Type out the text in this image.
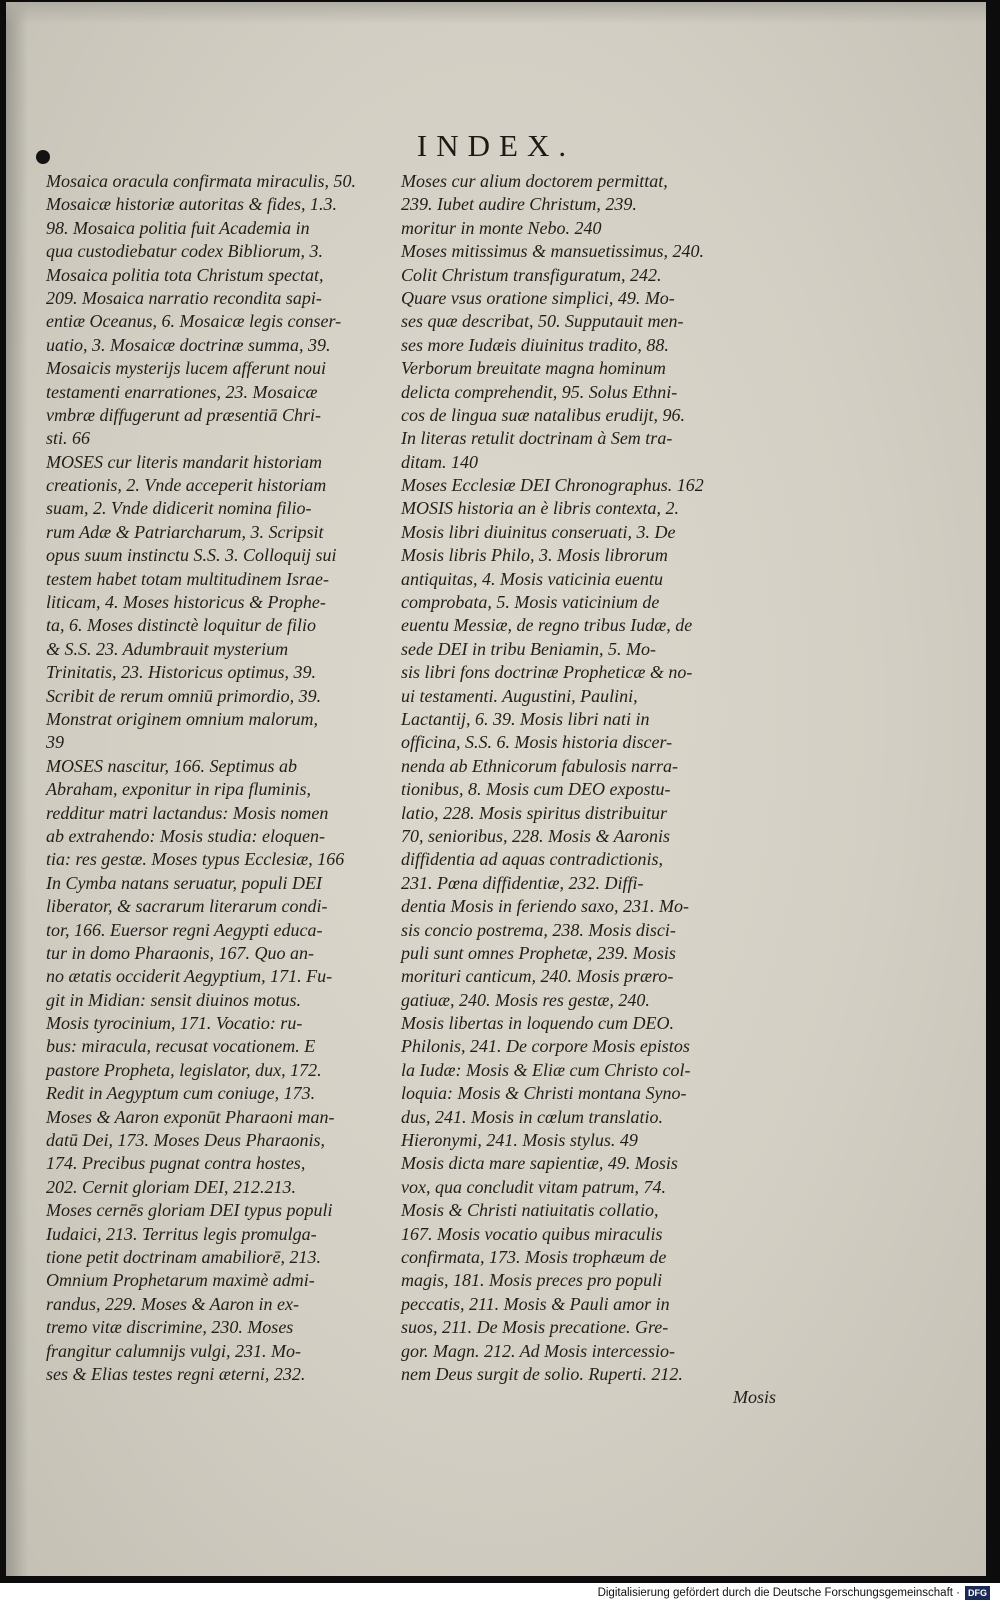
INDEX.
Mosaica oracula confirmata miraculis, 50.
Mosaicæ historiæ autoritas & fides, 1.3.
98. Mosaica politia fuit Academia in
qua custodiebatur codex Bibliorum, 3.
Mosaica politia tota Christum spectat,
209. Mosaica narratio recondita sapi-
entiæ Oceanus, 6. Mosaicæ legis conser-
uatio, 3. Mosaicæ doctrinæ summa, 39.
Mosaicis mysterijs lucem afferunt noui
testamenti enarrationes, 23. Mosaicæ
vmbræ diffugerunt ad præsentiā Chri-
sti. 66
MOSES cur literis mandarit historiam
creationis, 2. Vnde acceperit historiam
suam, 2. Vnde didicerit nomina filio-
rum Adæ & Patriarcharum, 3. Scripsit
opus suum instinctu S.S. 3. Colloquij sui
testem habet totam multitudinem Israe-
liticam, 4. Moses historicus & Prophe-
ta, 6. Moses distinctè loquitur de filio
& S.S. 23. Adumbrauit mysterium
Trinitatis, 23. Historicus optimus, 39.
Scribit de rerum omniū primordio, 39.
Monstrat originem omnium malorum,
39
MOSES nascitur, 166. Septimus ab
Abraham, exponitur in ripa fluminis,
redditur matri lactandus: Mosis nomen
ab extrahendo: Mosis studia: eloquen-
tia: res gestæ. Moses typus Ecclesiæ, 166
In Cymba natans seruatur, populi DEI
liberator, & sacrarum literarum condi-
tor, 166. Euersor regni Aegypti educa-
tur in domo Pharaonis, 167. Quo an-
no ætatis occiderit Aegyptium, 171. Fu-
git in Midian: sensit diuinos motus.
Mosis tyrocinium, 171. Vocatio: ru-
bus: miracula, recusat vocationem. E
pastore Propheta, legislator, dux, 172.
Redit in Aegyptum cum coniuge, 173.
Moses & Aaron exponūt Pharaoni man-
datū Dei, 173. Moses Deus Pharaonis,
174. Precibus pugnat contra hostes,
202. Cernit gloriam DEI, 212.213.
Moses cernēs gloriam DEI typus populi
Iudaici, 213. Territus legis promulga-
tione petit doctrinam amabiliorē, 213.
Omnium Prophetarum maximè admi-
randus, 229. Moses & Aaron in ex-
tremo vitæ discrimine, 230. Moses
frangitur calumnijs vulgi, 231. Mo-
ses & Elias testes regni æterni, 232.
Moses cur alium doctorem permittat,
239. Iubet audire Christum, 239.
moritur in monte Nebo. 240
Moses mitissimus & mansuetissimus, 240.
Colit Christum transfiguratum, 242.
Quare vsus oratione simplici, 49. Mo-
ses quæ describat, 50. Supputauit men-
ses more Iudæis diuinitus tradito, 88.
Verborum breuitate magna hominum
delicta comprehendit, 95. Solus Ethni-
cos de lingua suæ natalibus erudijt, 96.
In literas retulit doctrinam à Sem tra-
ditam. 140
Moses Ecclesiæ DEI Chronographus. 162
MOSIS historia an è libris contexta, 2.
Mosis libri diuinitus conseruati, 3. De
Mosis libris Philo, 3. Mosis librorum
antiquitas, 4. Mosis vaticinia euentu
comprobata, 5. Mosis vaticinium de
euentu Messiæ, de regno tribus Iudæ, de
sede DEI in tribu Beniamin, 5. Mo-
sis libri fons doctrinæ Propheticæ & no-
ui testamenti. Augustini, Paulini,
Lactantij, 6. 39. Mosis libri nati in
officina, S.S. 6. Mosis historia discer-
nenda ab Ethnicorum fabulosis narra-
tionibus, 8. Mosis cum DEO expostu-
latio, 228. Mosis spiritus distribuitur
70, senioribus, 228. Mosis & Aaronis
diffidentia ad aquas contradictionis,
231. Pœna diffidentiæ, 232. Diffi-
dentia Mosis in feriendo saxo, 231. Mo-
sis concio postrema, 238. Mosis disci-
puli sunt omnes Prophetæ, 239. Mosis
morituri canticum, 240. Mosis præro-
gatiuæ, 240. Mosis res gestæ, 240.
Mosis libertas in loquendo cum DEO.
Philonis, 241. De corpore Mosis epistos
la Iudæ: Mosis & Eliæ cum Christo col-
loquia: Mosis & Christi montana Syno-
dus, 241. Mosis in cœlum translatio.
Hieronymi, 241. Mosis stylus. 49
Mosis dicta mare sapientiæ, 49. Mosis
vox, qua concludit vitam patrum, 74.
Mosis & Christi natiuitatis collatio,
167. Mosis vocatio quibus miraculis
confirmata, 173. Mosis trophæum de
magis, 181. Mosis preces pro populi
peccatis, 211. Mosis & Pauli amor in
suos, 211. De Mosis precatione. Gre-
gor. Magn. 212. Ad Mosis intercessio-
nem Deus surgit de solio. Ruperti. 212.
Mosis
Digitalisierung gefördert durch die Deutsche Forschungsgemeinschaft · DFG
